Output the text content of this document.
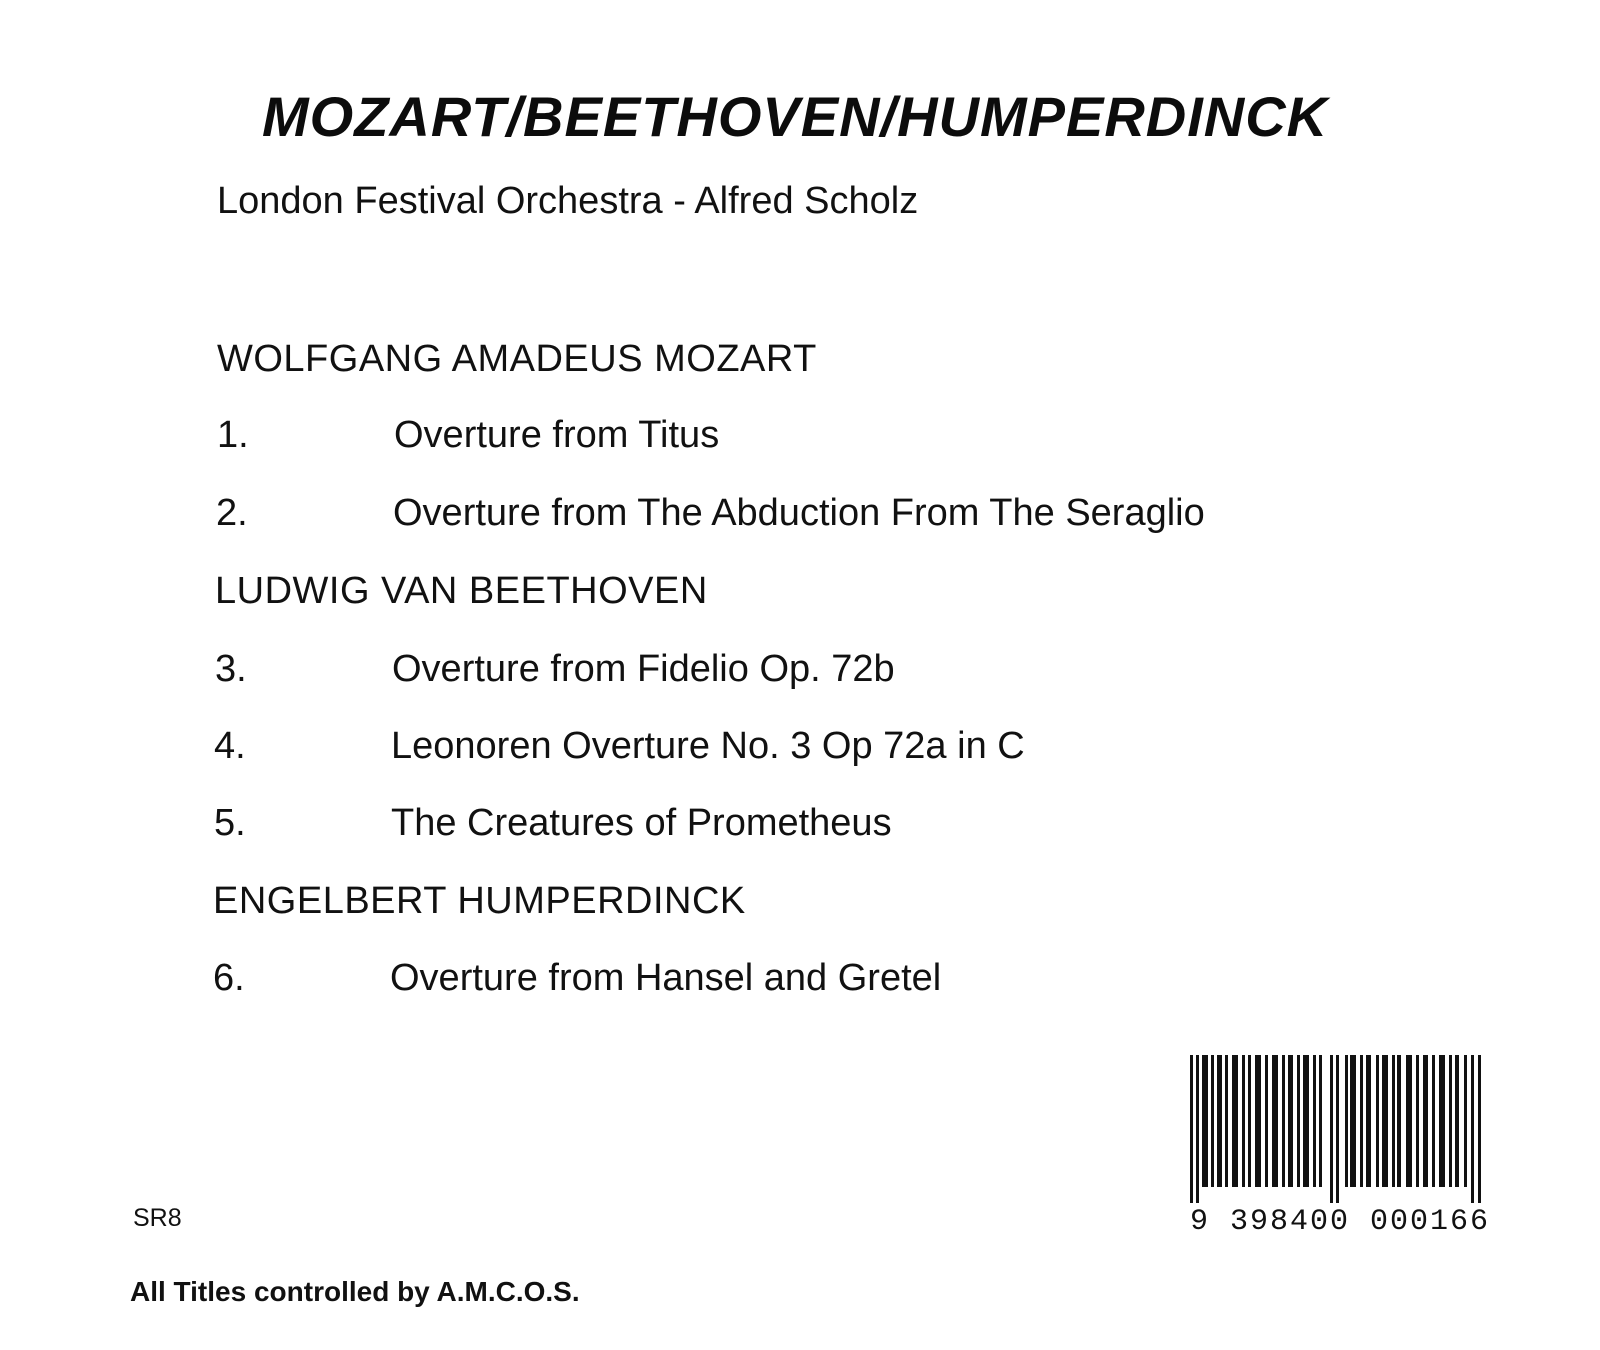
MOZART/BEETHOVEN/HUMPERDINCK
London Festival Orchestra - Alfred Scholz
WOLFGANG AMADEUS MOZART
1.	Overture from Titus
2.	Overture from The Abduction From The Seraglio
LUDWIG VAN BEETHOVEN
3.	Overture from Fidelio Op. 72b
4.	Leonoren Overture No. 3 Op 72a in C
5.	The Creatures of Prometheus
ENGELBERT HUMPERDINCK
6.	Overture from Hansel and Gretel
SR8
All Titles controlled by A.M.C.O.S.
9 398400 000166
